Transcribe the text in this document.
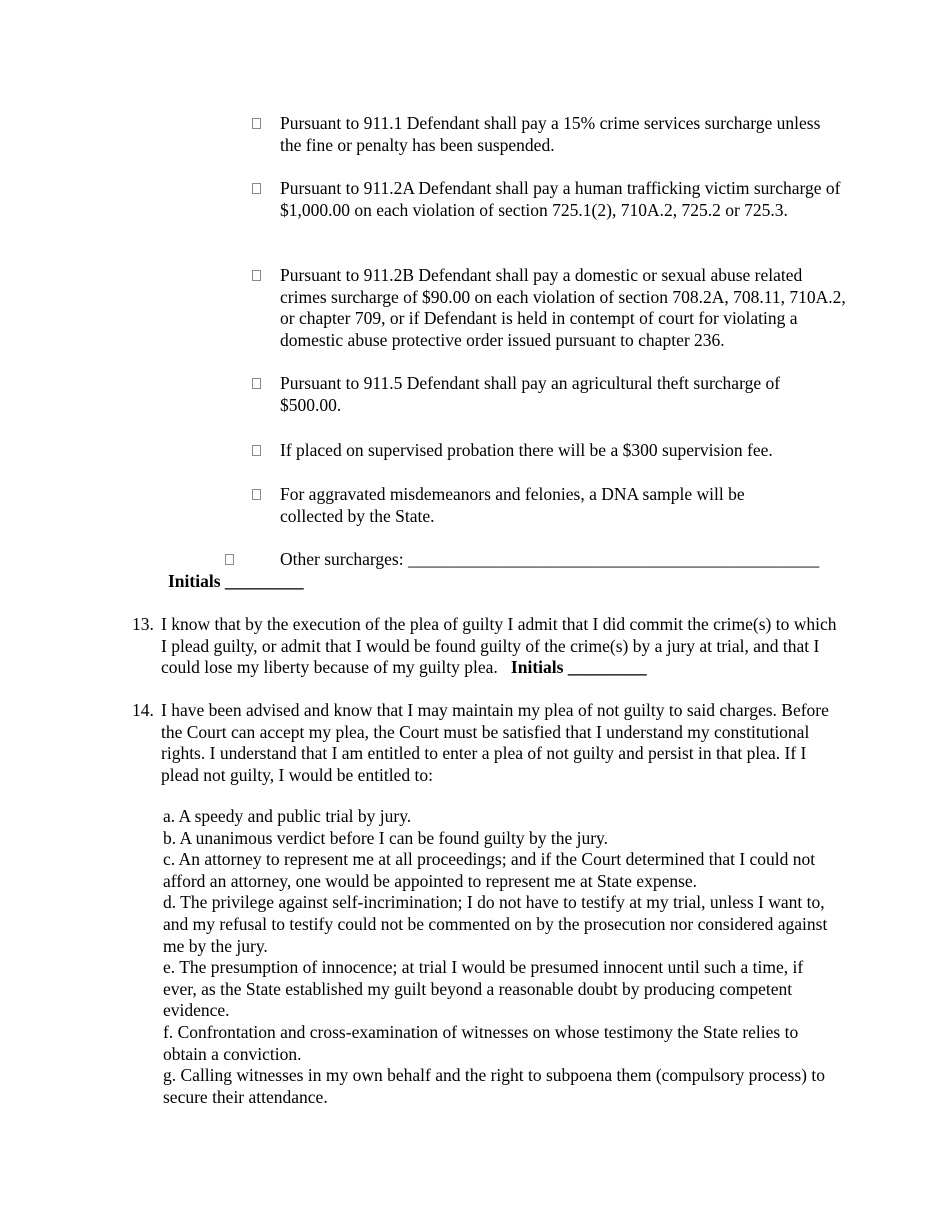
Pursuant to 911.1 Defendant shall pay a 15% crime services surcharge unless the fine or penalty has been suspended.
Pursuant to 911.2A Defendant shall pay a human trafficking victim surcharge of $1,000.00 on each violation of section 725.1(2), 710A.2, 725.2 or 725.3.
Pursuant to 911.2B Defendant shall pay a domestic or sexual abuse related crimes surcharge of $90.00 on each violation of section 708.2A, 708.11, 710A.2, or chapter 709, or if Defendant is held in contempt of court for violating a domestic abuse protective order issued pursuant to chapter 236.
Pursuant to 911.5 Defendant shall pay an agricultural theft surcharge of $500.00.
If placed on supervised probation there will be a $300 supervision fee.
For aggravated misdemeanors and felonies, a DNA sample will be collected by the State.
Other surcharges: _______________________________________________
Initials _________
13. I know that by the execution of the plea of guilty I admit that I did commit the crime(s) to which I plead guilty, or admit that I would be found guilty of the crime(s) by a jury at trial, and that I could lose my liberty because of my guilty plea. Initials _________
14. I have been advised and know that I may maintain my plea of not guilty to said charges. Before the Court can accept my plea, the Court must be satisfied that I understand my constitutional rights. I understand that I am entitled to enter a plea of not guilty and persist in that plea. If I plead not guilty, I would be entitled to:
a. A speedy and public trial by jury.
b. A unanimous verdict before I can be found guilty by the jury.
c. An attorney to represent me at all proceedings; and if the Court determined that I could not afford an attorney, one would be appointed to represent me at State expense.
d. The privilege against self-incrimination; I do not have to testify at my trial, unless I want to, and my refusal to testify could not be commented on by the prosecution nor considered against me by the jury.
e. The presumption of innocence; at trial I would be presumed innocent until such a time, if ever, as the State established my guilt beyond a reasonable doubt by producing competent evidence.
f. Confrontation and cross-examination of witnesses on whose testimony the State relies to obtain a conviction.
g. Calling witnesses in my own behalf and the right to subpoena them (compulsory process) to secure their attendance.
